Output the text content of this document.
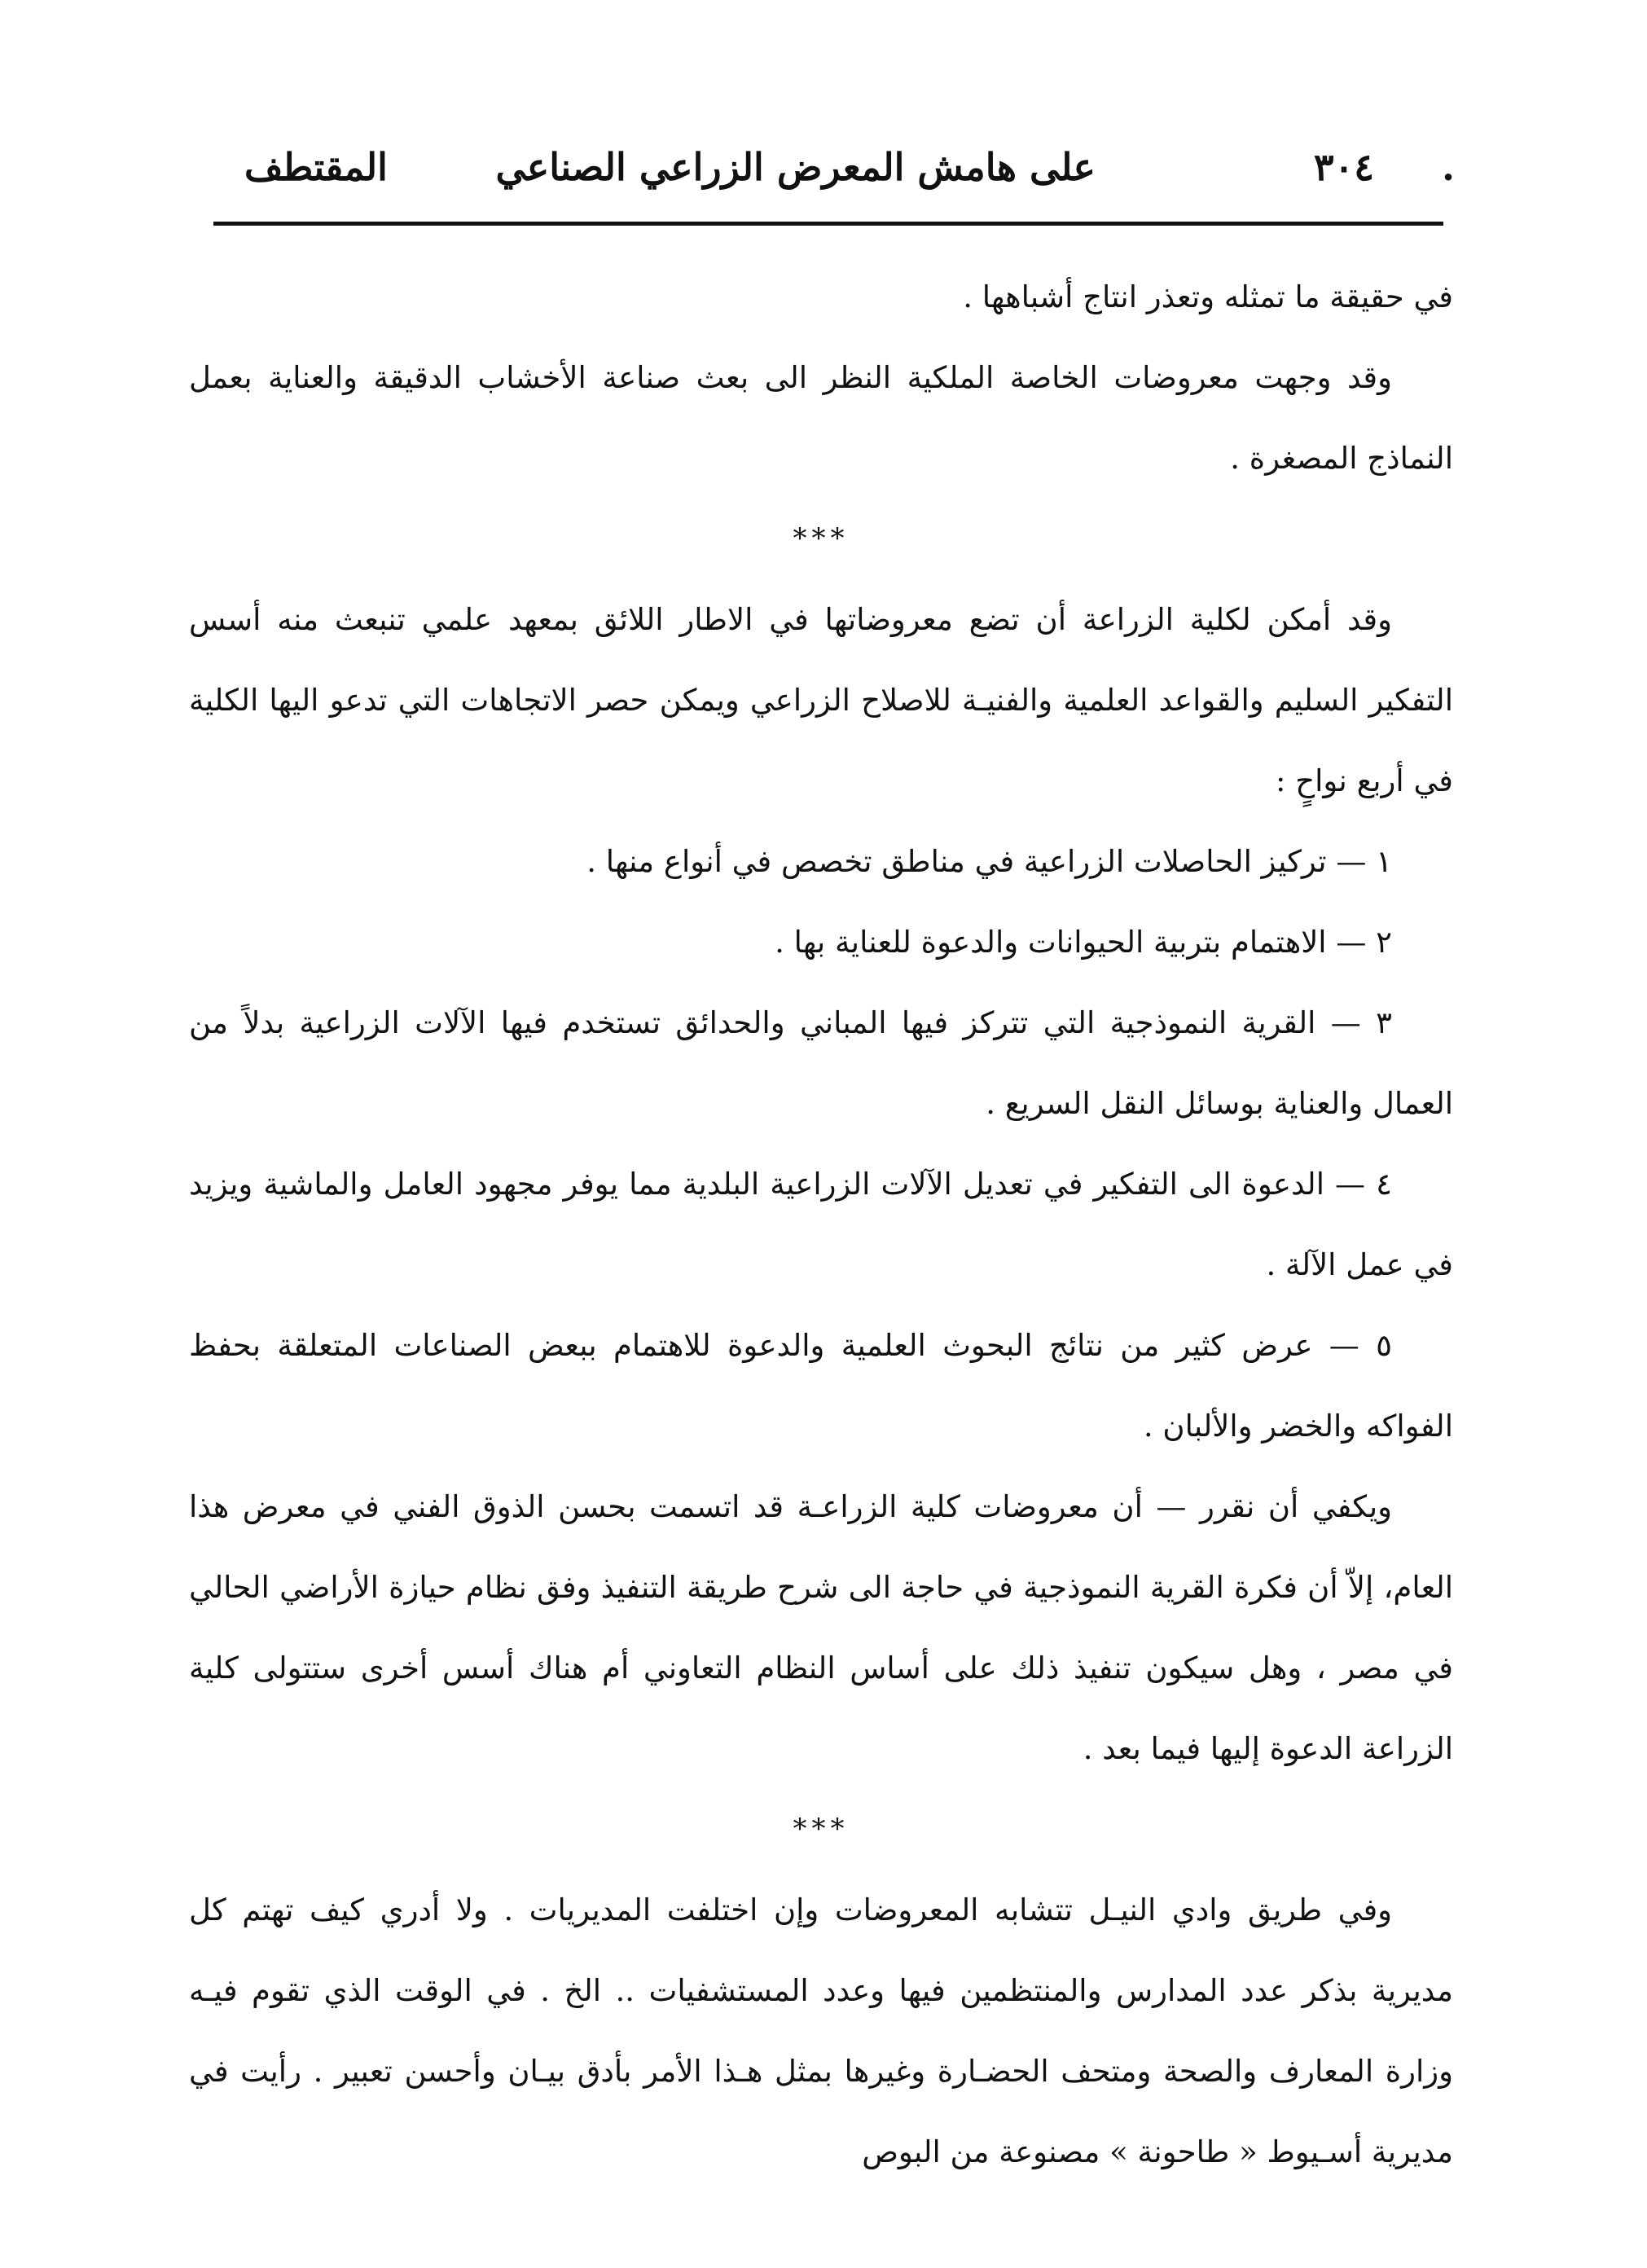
.
٣٠٤
على هامش المعرض الزراعي الصناعي
المقتطف

في حقيقة ما تمثله وتعذر انتاج أشباهها .

وقد وجهت معروضات الخاصة الملكية النظر الى بعث صناعة الأخشاب الدقيقة والعناية بعمل النماذج المصغرة .

***

وقد أمكن لكلية الزراعة أن تضع معروضاتها في الاطار اللائق بمعهد علمي تنبعث منه أسس التفكير السليم والقواعد العلمية والفنيـة للاصلاح الزراعي ويمكن حصر الاتجاهات التي تدعو اليها الكلية في أربع نواحٍ :

١ — تركيز الحاصلات الزراعية في مناطق تخصص في أنواع منها .

٢ — الاهتمام بتربية الحيوانات والدعوة للعناية بها .

٣ — القرية النموذجية التي تتركز فيها المباني والحدائق تستخدم فيها الآلات الزراعية بدلاً من العمال والعناية بوسائل النقل السريع .

٤ — الدعوة الى التفكير في تعديل الآلات الزراعية البلدية مما يوفر مجهود العامل والماشية ويزيد في عمل الآلة .

٥ — عرض كثير من نتائج البحوث العلمية والدعوة للاهتمام ببعض الصناعات المتعلقة بحفظ الفواكه والخضر والألبان .

ويكفي أن نقرر — أن معروضات كلية الزراعـة قد اتسمت بحسن الذوق الفني في معرض هذا العام، إلاّ أن فكرة القرية النموذجية في حاجة الى شرح طريقة التنفيذ وفق نظام حيازة الأراضي الحالي في مصر ، وهل سيكون تنفيذ ذلك على أساس النظام التعاوني أم هناك أسس أخرى ستتولى كلية الزراعة الدعوة إليها فيما بعد .

***

وفي طريق وادي النيـل تتشابه المعروضات وإن اختلفت المديريات . ولا أدري كيف تهتم كل مديرية بذكر عدد المدارس والمنتظمين فيها وعدد المستشفيات .. الخ . في الوقت الذي تقوم فيـه وزارة المعارف والصحة ومتحف الحضـارة وغيرها بمثل هـذا الأمر بأدق بيـان وأحسن تعبير . رأيت في مديرية أسـيوط « طاحونة » مصنوعة من البوص
